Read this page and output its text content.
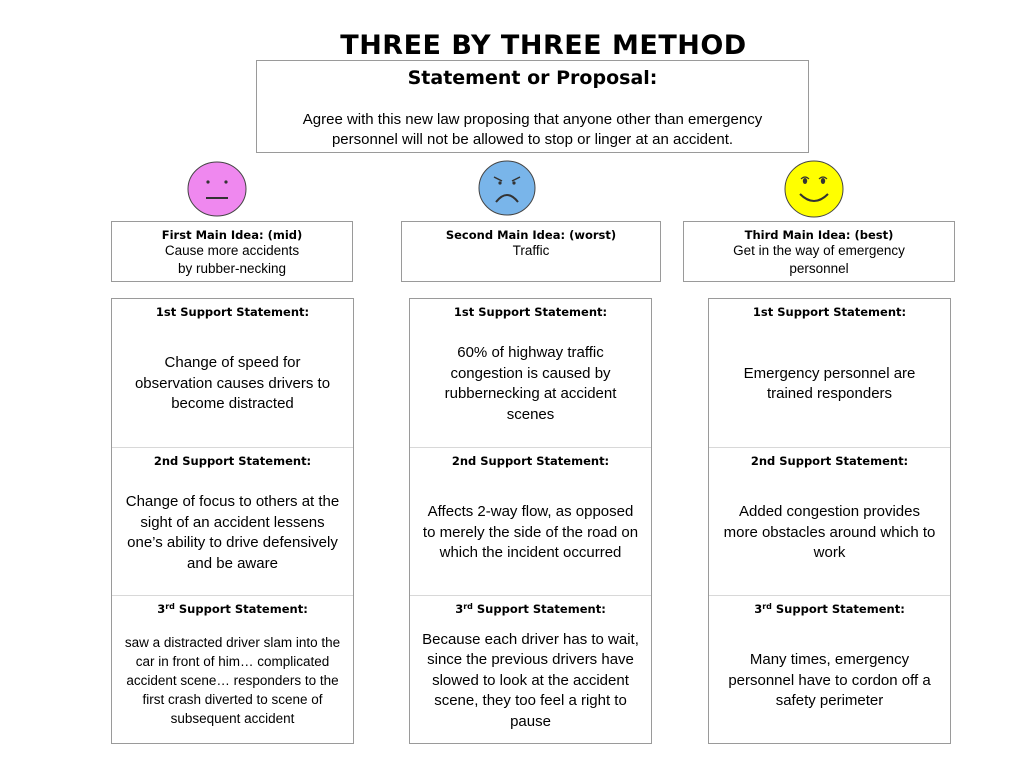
THREE BY THREE METHOD
Statement or Proposal:
Agree with this new law proposing that anyone other than emergency personnel will not be allowed to stop or linger at an accident.
First Main Idea: (mid)
Cause more accidents
by rubber-necking
Second Main Idea: (worst)
Traffic
Third Main Idea: (best)
Get in the way of emergency
personnel
1st Support Statement:
Change of speed for observation causes drivers to become distracted
2nd Support Statement:
Change of focus to others at the sight of an accident lessens one’s ability to drive defensively and be aware
3rd Support Statement:
saw a distracted driver slam into the car in front of him… complicated accident scene… responders to the first crash diverted to scene of subsequent accident
1st Support Statement:
60% of highway traffic congestion is caused by rubbernecking at accident scenes
2nd Support Statement:
Affects 2-way flow, as opposed to merely the side of the road on which the incident occurred
3rd Support Statement:
Because each driver has to wait, since the previous drivers have slowed to look at the accident scene, they too feel a right to pause
1st Support Statement:
Emergency personnel are trained responders
2nd Support Statement:
Added congestion provides more obstacles around which to work
3rd Support Statement:
Many times, emergency personnel have to cordon off a safety perimeter
